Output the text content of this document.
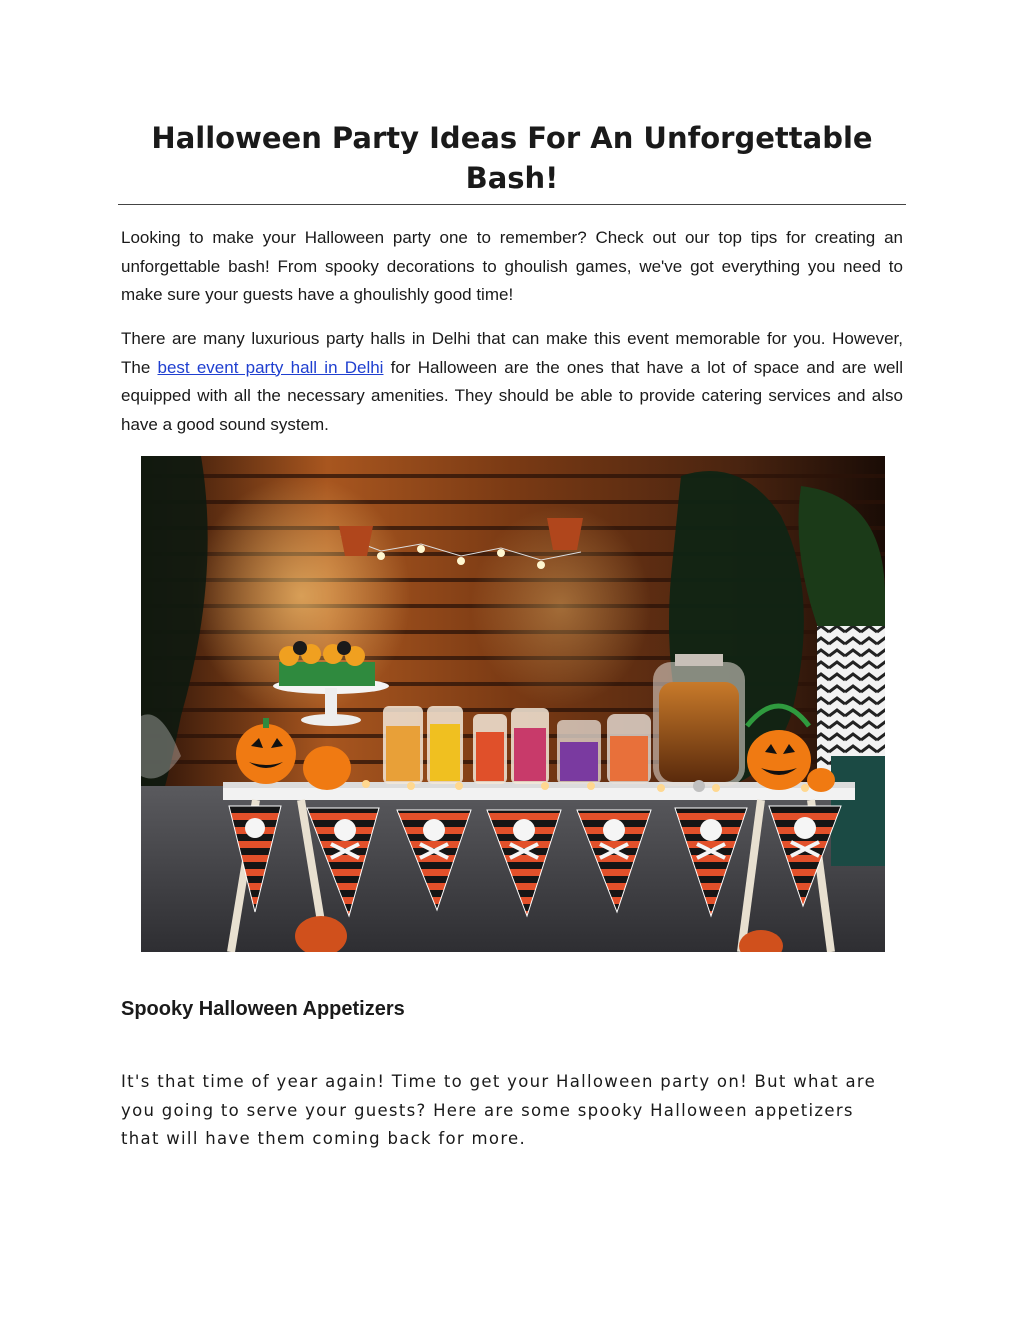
Halloween Party Ideas For An Unforgettable Bash!

Looking to make your Halloween party one to remember? Check out our top tips for creating an unforgettable bash! From spooky decorations to ghoulish games, we've got everything you need to make sure your guests have a ghoulishly good time!

There are many luxurious party halls in Delhi that can make this event memorable for you. However, The best event party hall in Delhi for Halloween are the ones that have a lot of space and are well equipped with all the necessary amenities. They should be able to provide catering services and also have a good sound system.

Spooky Halloween Appetizers

It's that time of year again! Time to get your Halloween party on! But what are you going to serve your guests? Here are some spooky Halloween appetizers that will have them coming back for more.
